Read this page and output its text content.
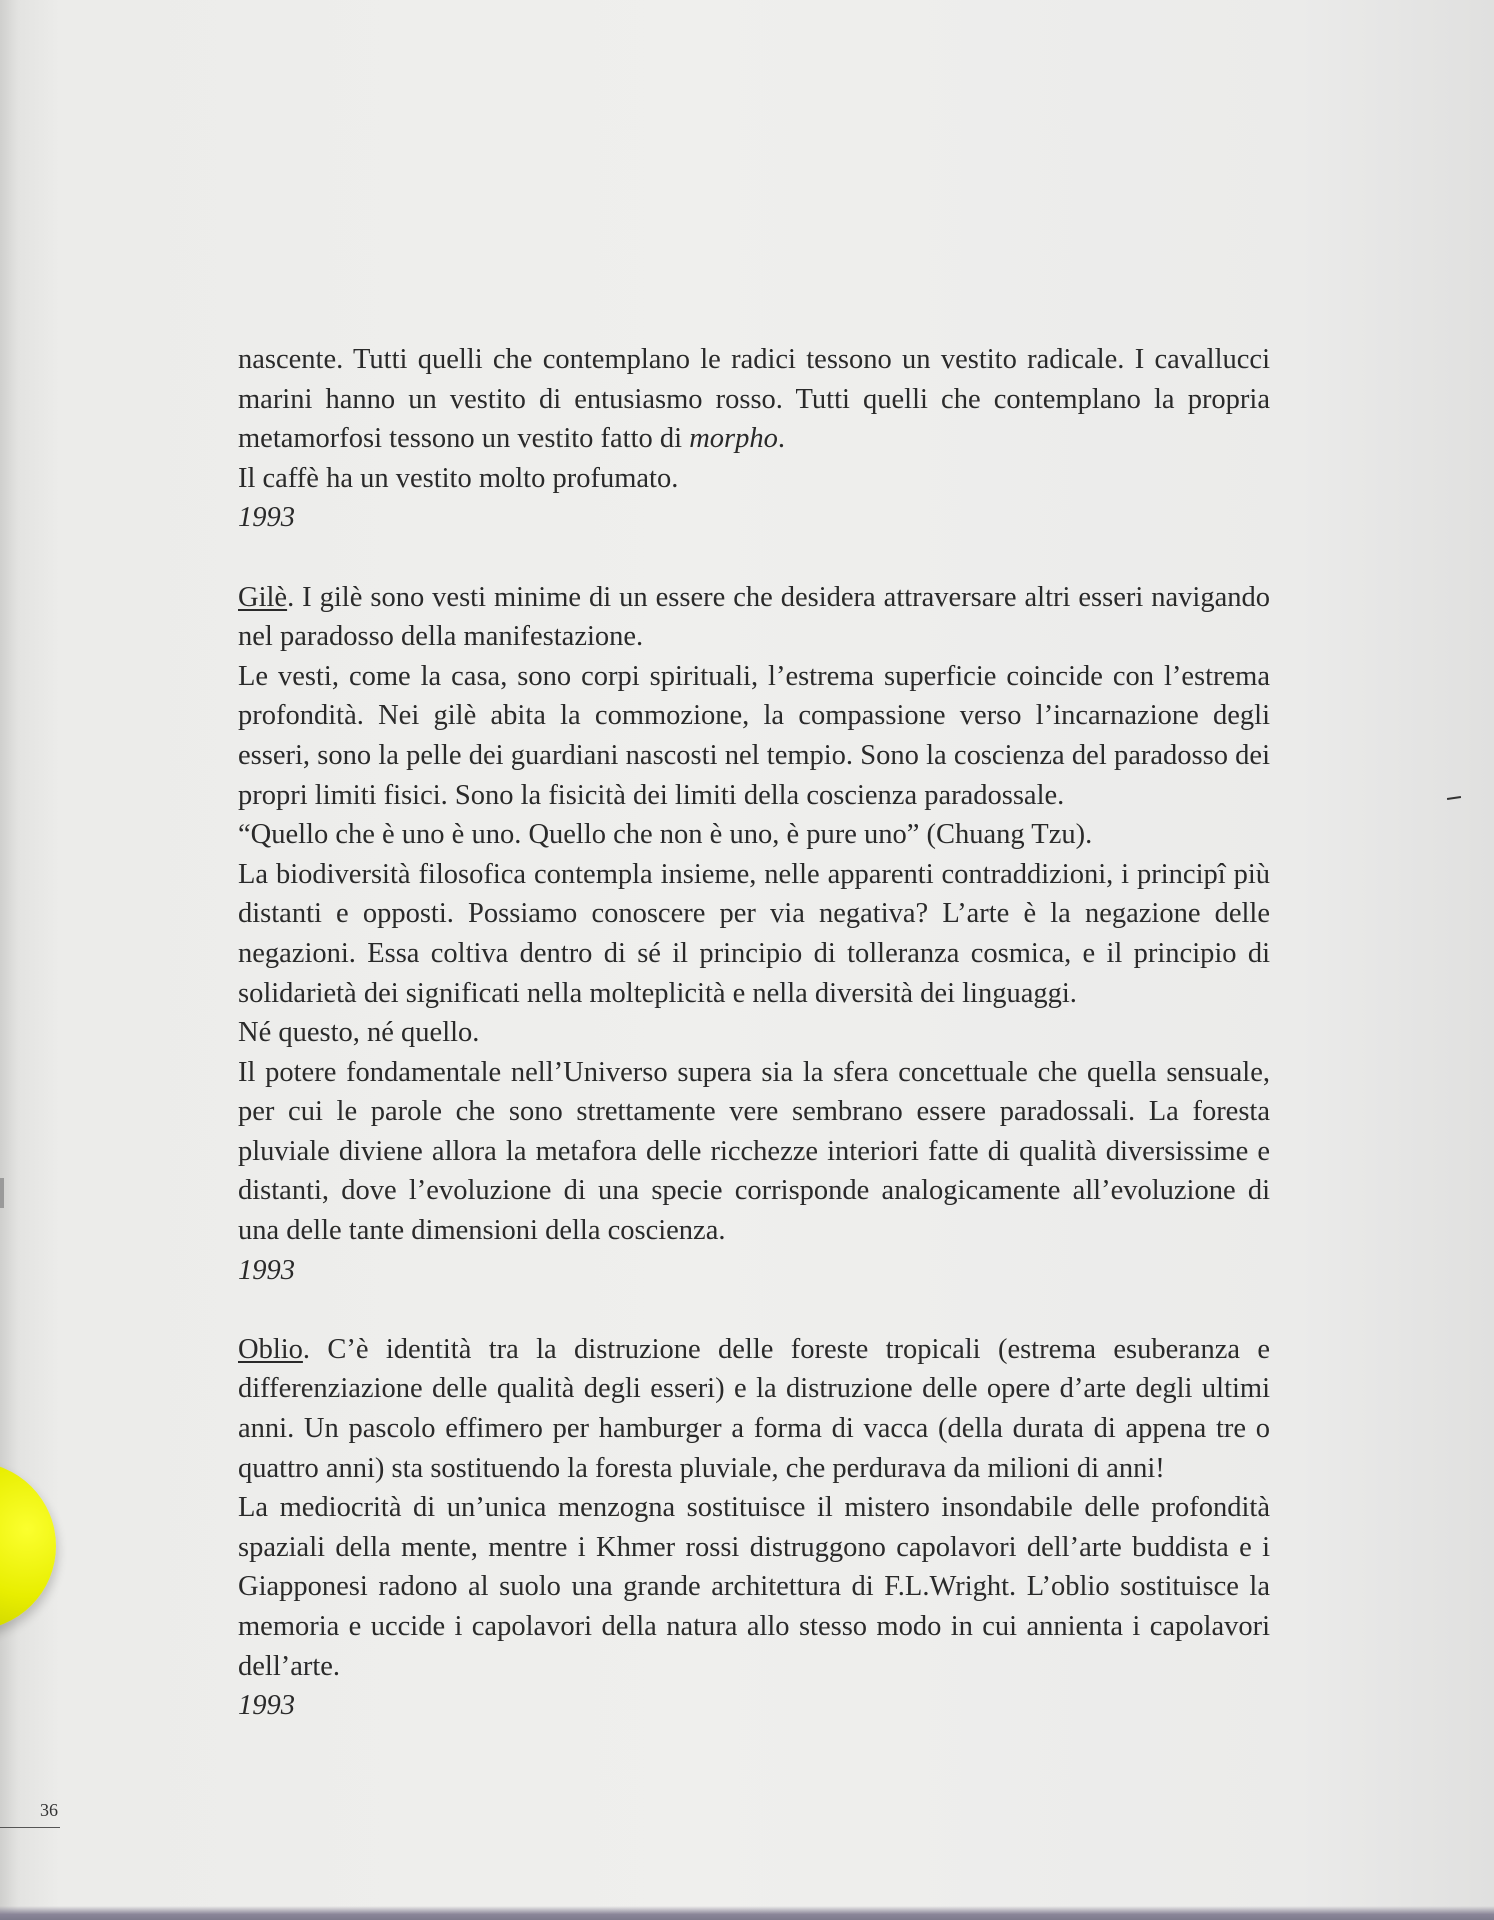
nascente. Tutti quelli che contemplano le radici tessono un vestito radicale. I cavallucci marini hanno un vestito di entusiasmo rosso. Tutti quelli che contemplano la propria metamorfosi tessono un vestito fatto di morpho.

Il caffè ha un vestito molto profumato.

1993

Gilè. I gilè sono vesti minime di un essere che desidera attraversare altri esseri navigando nel paradosso della manifestazione.

Le vesti, come la casa, sono corpi spirituali, l’estrema superficie coincide con l’estrema profondità. Nei gilè abita la commozione, la compassione verso l’incarnazione degli esseri, sono la pelle dei guardiani nascosti nel tempio. Sono la coscienza del paradosso dei propri limiti fisici. Sono la fisicità dei limiti della coscienza paradossale.

“Quello che è uno è uno. Quello che non è uno, è pure uno” (Chuang Tzu).

La biodiversità filosofica contempla insieme, nelle apparenti contraddizioni, i principî più distanti e opposti. Possiamo conoscere per via negativa? L’arte è la negazione delle negazioni. Essa coltiva dentro di sé il principio di tolleranza cosmica, e il principio di solidarietà dei significati nella molteplicità e nella diversità dei linguaggi.

Né questo, né quello.

Il potere fondamentale nell’Universo supera sia la sfera concettuale che quella sensuale, per cui le parole che sono strettamente vere sembrano essere paradossali. La foresta pluviale diviene allora la metafora delle ricchezze interiori fatte di qualità diversissime e distanti, dove l’evoluzione di una specie corrisponde analogicamente all’evoluzione di una delle tante dimensioni della coscienza.

1993

Oblio. C’è identità tra la distruzione delle foreste tropicali (estrema esuberanza e differenziazione delle qualità degli esseri) e la distruzione delle opere d’arte degli ultimi anni. Un pascolo effimero per hamburger a forma di vacca (della durata di appena tre o quattro anni) sta sostituendo la foresta pluviale, che perdurava da milioni di anni!

La mediocrità di un’unica menzogna sostituisce il mistero insondabile delle profondità spaziali della mente, mentre i Khmer rossi distruggono capolavori dell’arte buddista e i Giapponesi radono al suolo una grande architettura di F.L.Wright. L’oblio sostituisce la memoria e uccide i capolavori della natura allo stesso modo in cui annienta i capolavori dell’arte.

1993

36
